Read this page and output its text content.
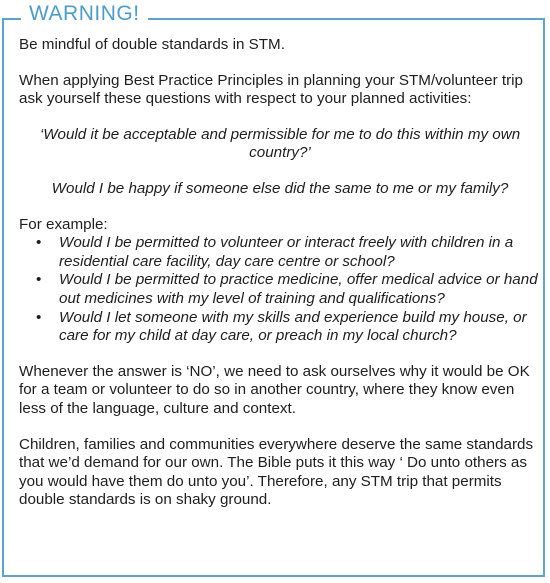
WARNING!

Be mindful of double standards in STM.

When applying Best Practice Principles in planning your STM/volunteer trip ask yourself these questions with respect to your planned activities:

‘Would it be acceptable and permissible for me to do this within my own country?’

Would I be happy if someone else did the same to me or my family?

For example:

• Would I be permitted to volunteer or interact freely with children in a residential care facility, day care centre or school?
• Would I be permitted to practice medicine, offer medical advice or hand out medicines with my level of training and qualifications?
• Would I let someone with my skills and experience build my house, or care for my child at day care, or preach in my local church?

Whenever the answer is ‘NO’, we need to ask ourselves why it would be OK for a team or volunteer to do so in another country, where they know even less of the language, culture and context.

Children, families and communities everywhere deserve the same standards that we’d demand for our own. The Bible puts it this way ‘ Do unto others as you would have them do unto you’. Therefore, any STM trip that permits double standards is on shaky ground.
